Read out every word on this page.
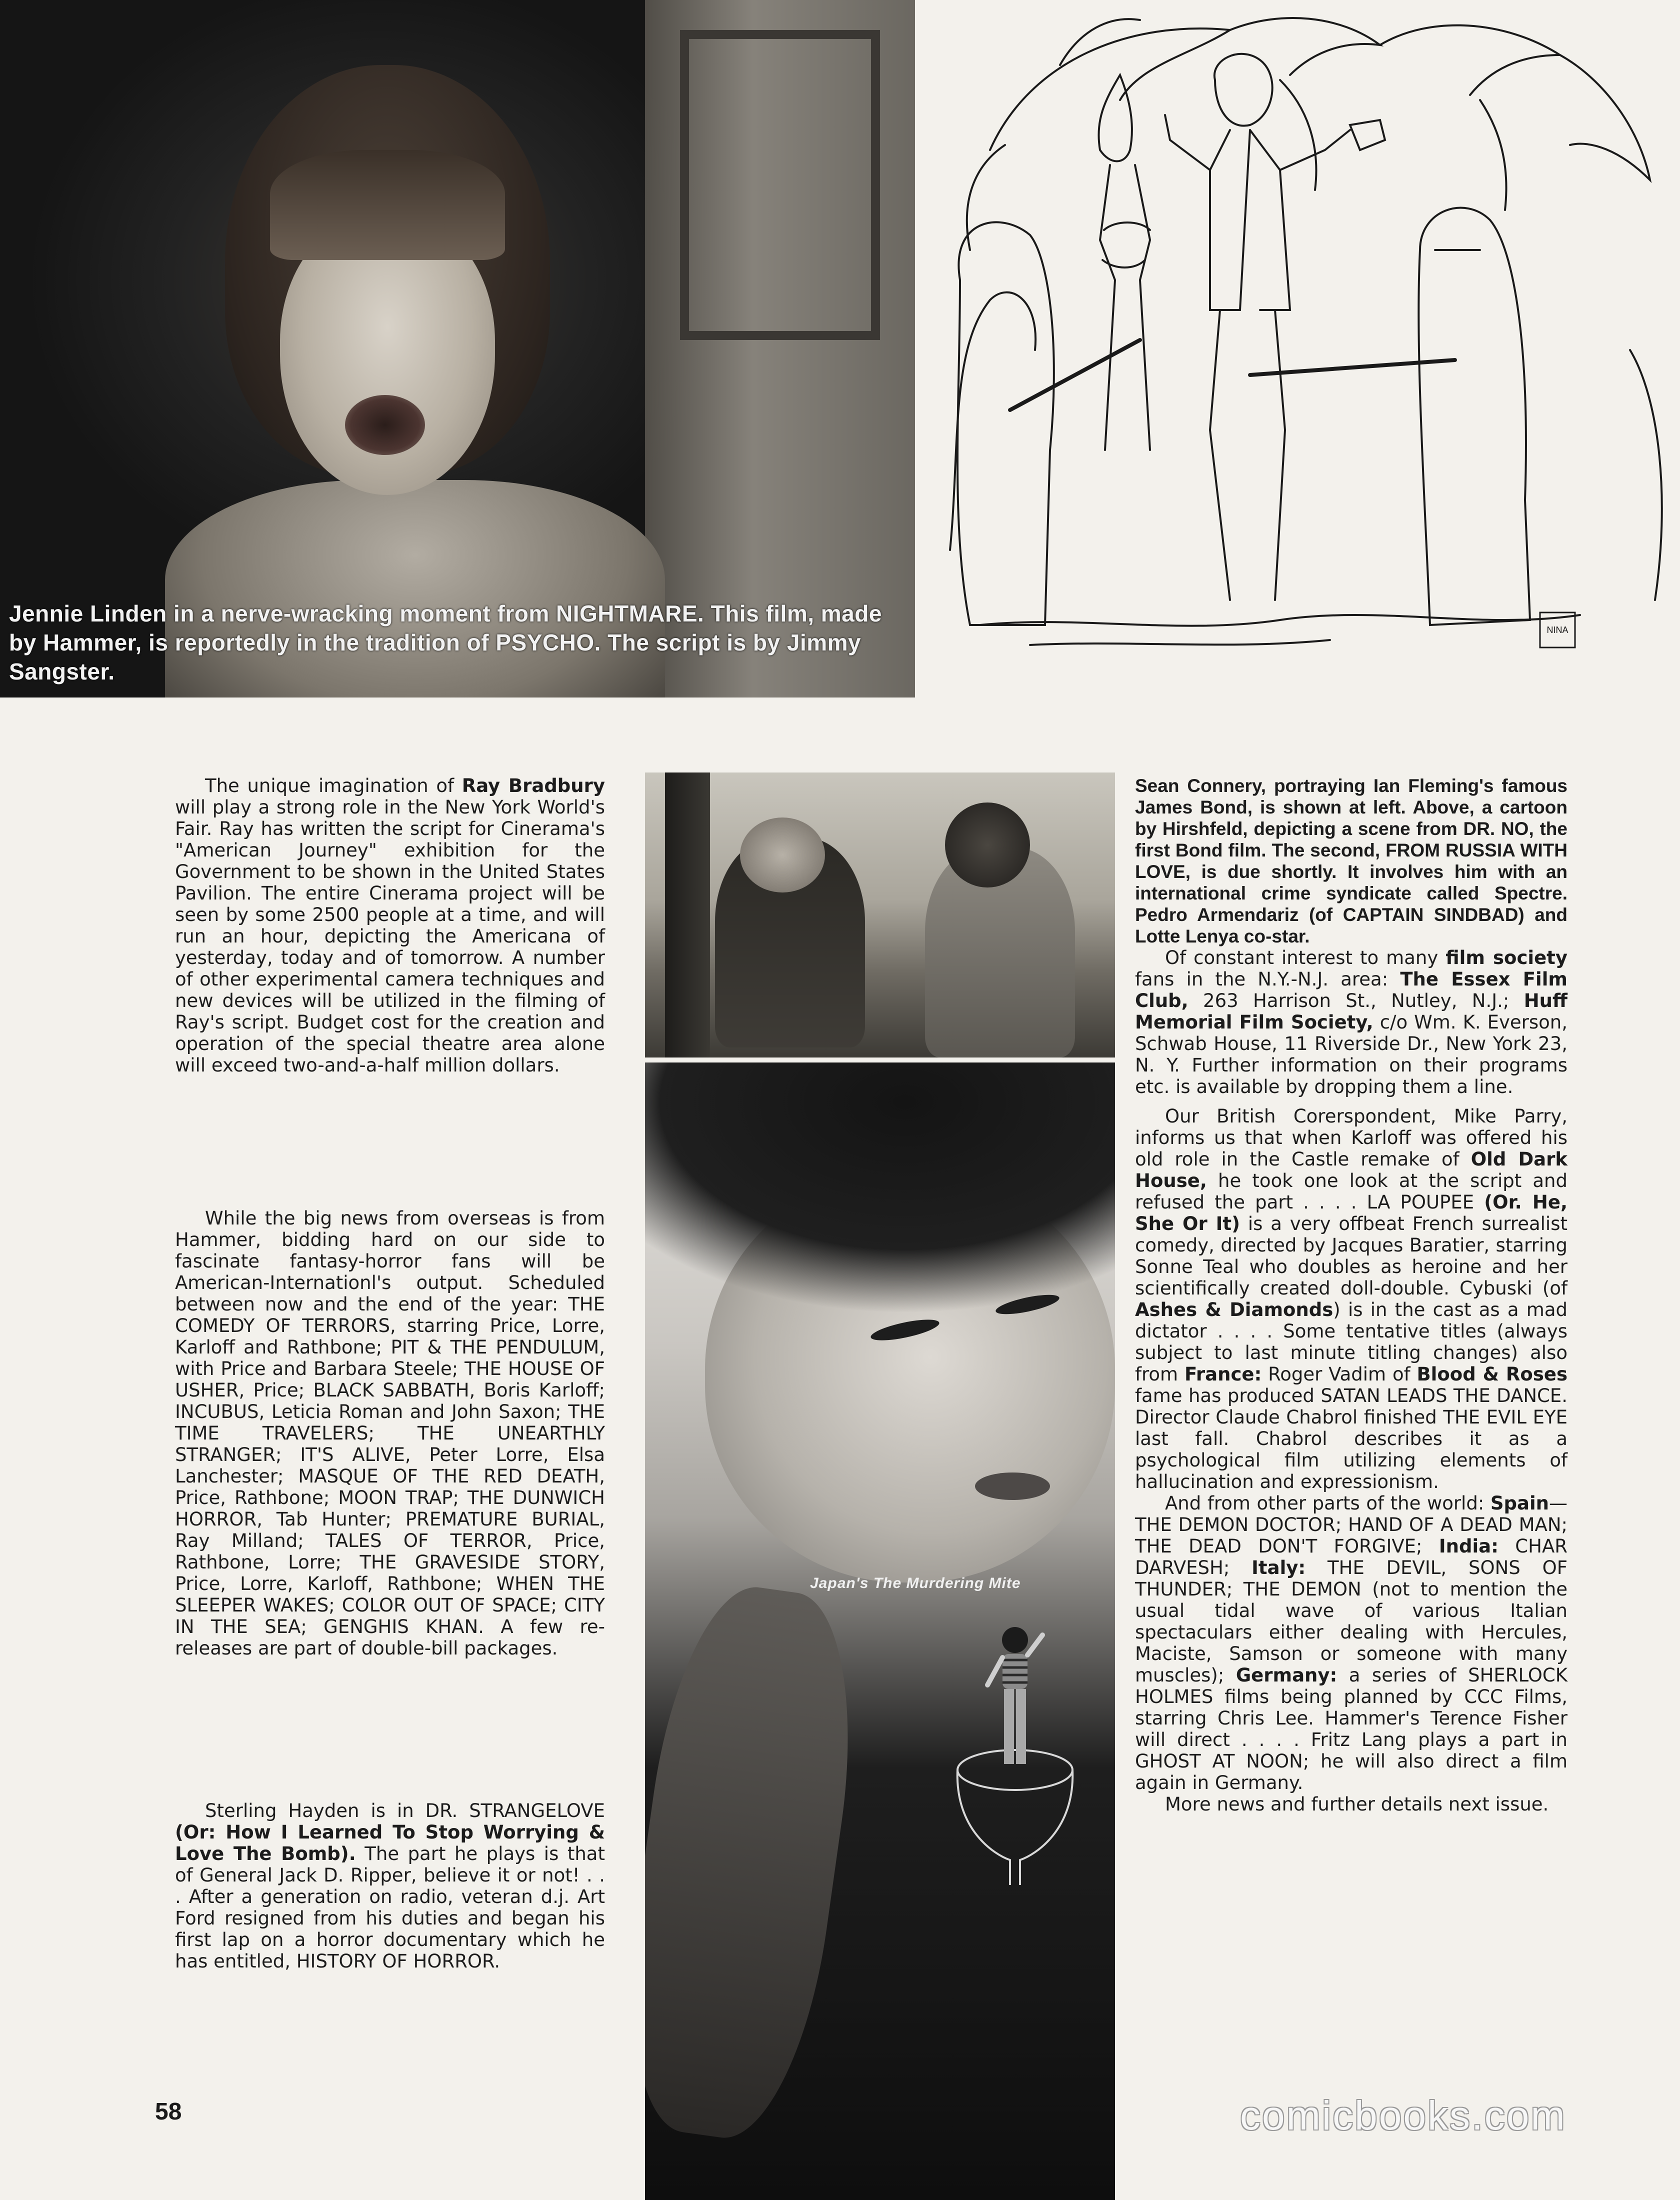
Jennie Linden in a nerve-wracking moment from NIGHTMARE. This film, made by Hammer, is reportedly in the tradition of PSYCHO. The script is by Jimmy Sangster.
NINA

The unique imagination of Ray Bradbury will play a strong role in the New York World's Fair. Ray has written the script for Cinerama's "American Journey" exhibition for the Government to be shown in the United States Pavilion. The entire Cinerama project will be seen by some 2500 people at a time, and will run an hour, depicting the Americana of yesterday, today and of tomorrow. A number of other experimental camera techniques and new devices will be utilized in the filming of Ray's script. Budget cost for the creation and operation of the special theatre area alone will exceed two-and-a-half million dollars.

While the big news from overseas is from Hammer, bidding hard on our side to fascinate fantasy-horror fans will be American-Internationl's output. Scheduled between now and the end of the year: THE COMEDY OF TERRORS, starring Price, Lorre, Karloff and Rathbone; PIT & THE PENDULUM, with Price and Barbara Steele; THE HOUSE OF USHER, Price; BLACK SABBATH, Boris Karloff; INCUBUS, Leticia Roman and John Saxon; THE TIME TRAVELERS; THE UNEARTHLY STRANGER; IT'S ALIVE, Peter Lorre, Elsa Lanchester; MASQUE OF THE RED DEATH, Price, Rathbone; MOON TRAP; THE DUNWICH HORROR, Tab Hunter; PREMATURE BURIAL, Ray Milland; TALES OF TERROR, Price, Rathbone, Lorre; THE GRAVESIDE STORY, Price, Lorre, Karloff, Rathbone; WHEN THE SLEEPER WAKES; COLOR OUT OF SPACE; CITY IN THE SEA; GENGHIS KHAN. A few re-releases are part of double-bill packages.

Sterling Hayden is in DR. STRANGELOVE (Or: How I Learned To Stop Worrying & Love The Bomb). The part he plays is that of General Jack D. Ripper, believe it or not! . . . After a generation on radio, veteran d.j. Art Ford resigned from his duties and began his first lap on a horror documentary which he has entitled, HISTORY OF HORROR.

Japan's The Murdering Mite

Sean Connery, portraying Ian Fleming's famous James Bond, is shown at left. Above, a cartoon by Hirshfeld, depicting a scene from DR. NO, the first Bond film. The second, FROM RUSSIA WITH LOVE, is due shortly. It involves him with an international crime syndicate called Spectre. Pedro Armendariz (of CAPTAIN SINDBAD) and Lotte Lenya co-star.

Of constant interest to many film society fans in the N.Y.-N.J. area: The Essex Film Club, 263 Harrison St., Nutley, N.J.; Huff Memorial Film Society, c/o Wm. K. Everson, Schwab House, 11 Riverside Dr., New York 23, N. Y. Further information on their programs etc. is available by dropping them a line.

Our British Corerspondent, Mike Parry, informs us that when Karloff was offered his old role in the Castle remake of Old Dark House, he took one look at the script and refused the part . . . . LA POUPEE (Or. He, She Or It) is a very offbeat French surrealist comedy, directed by Jacques Baratier, starring Sonne Teal who doubles as heroine and her scientifically created doll-double. Cybuski (of Ashes & Diamonds) is in the cast as a mad dictator . . . . Some tentative titles (always subject to last minute titling changes) also from France: Roger Vadim of Blood & Roses fame has produced SATAN LEADS THE DANCE. Director Claude Chabrol finished THE EVIL EYE last fall. Chabrol describes it as a psychological film utilizing elements of hallucination and expressionism.

And from other parts of the world: Spain—THE DEMON DOCTOR; HAND OF A DEAD MAN; THE DEAD DON'T FORGIVE; India: CHAR DARVESH; Italy: THE DEVIL, SONS OF THUNDER; THE DEMON (not to mention the usual tidal wave of various Italian spectaculars either dealing with Hercules, Maciste, Samson or someone with many muscles); Germany: a series of SHERLOCK HOLMES films being planned by CCC Films, starring Chris Lee. Hammer's Terence Fisher will direct . . . . Fritz Lang plays a part in GHOST AT NOON; he will also direct a film again in Germany.

More news and further details next issue.

58	comicbooks.com
